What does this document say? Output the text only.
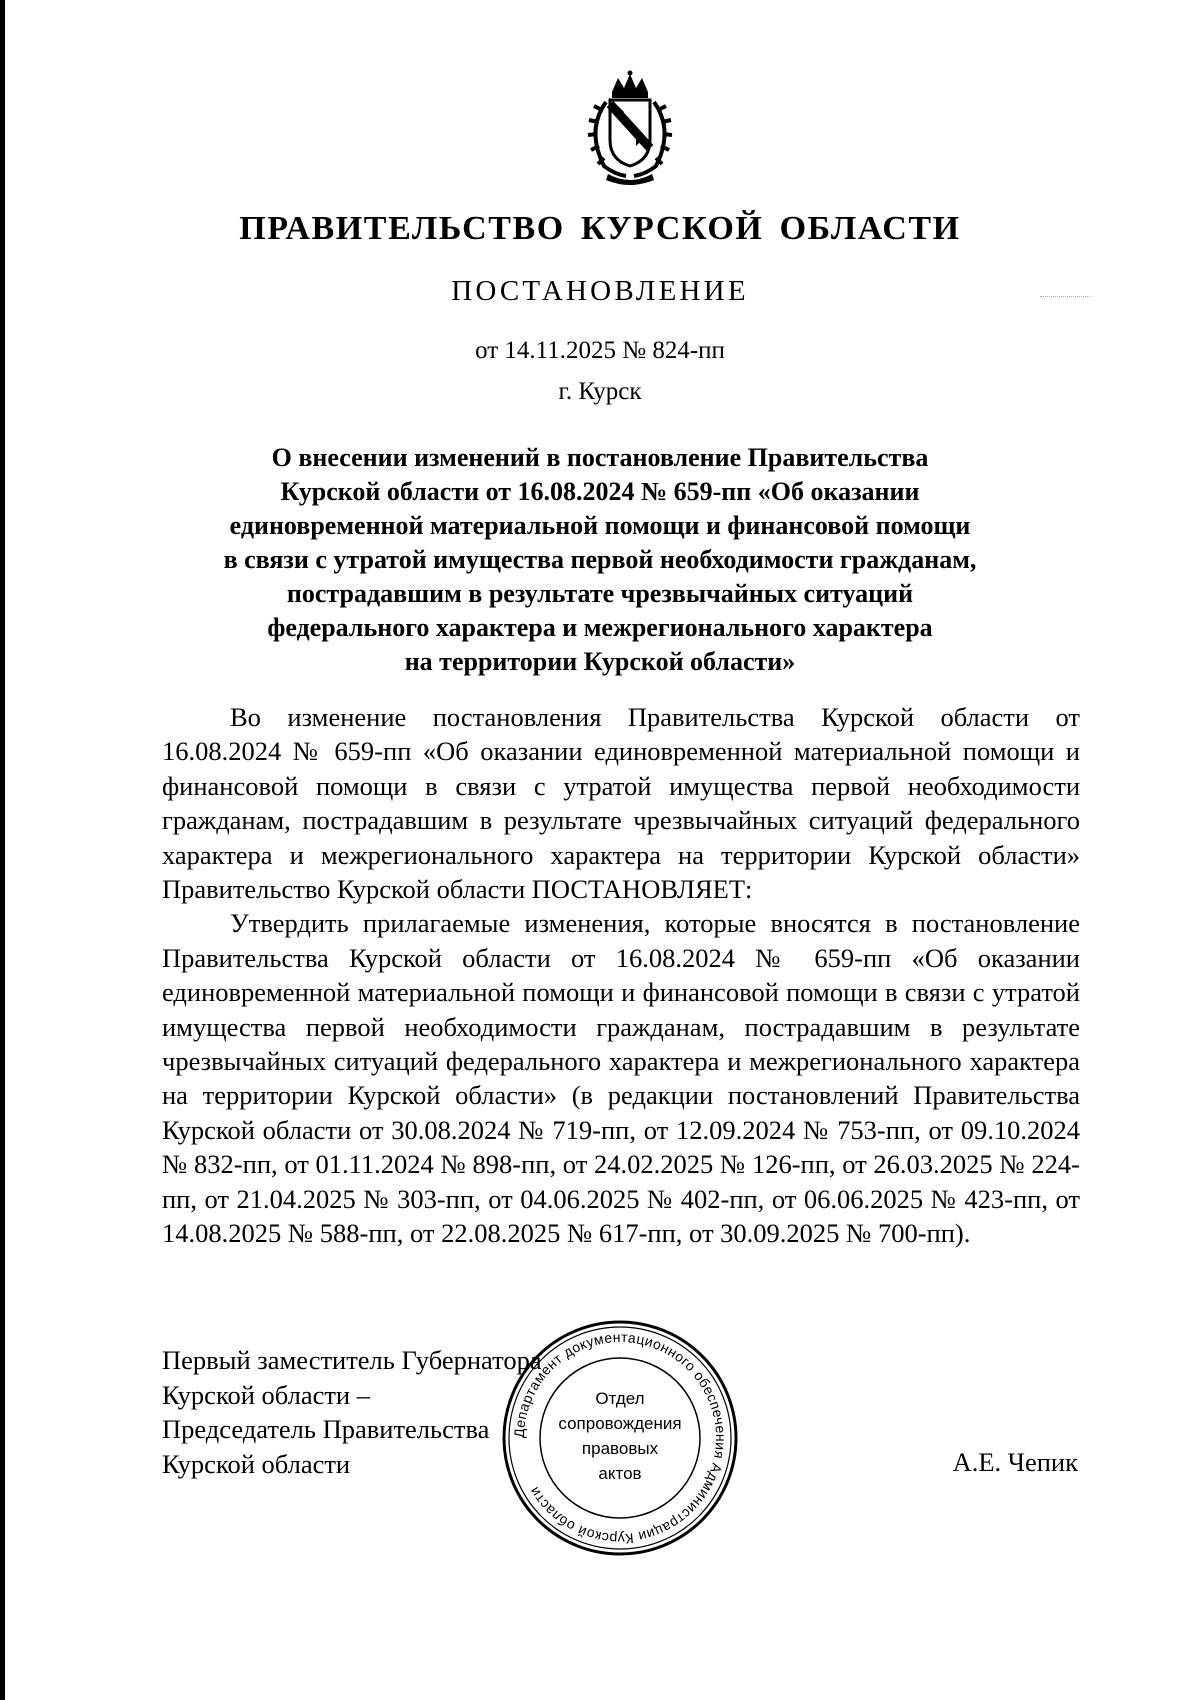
ПРАВИТЕЛЬСТВО КУРСКОЙ ОБЛАСТИ
ПОСТАНОВЛЕНИЕ
от 14.11.2025 № 824-пп
г. Курск
О внесении изменений в постановление Правительства
Курской области от 16.08.2024 № 659-пп «Об оказании
единовременной материальной помощи и финансовой помощи
в связи с утратой имущества первой необходимости гражданам,
пострадавшим в результате чрезвычайных ситуаций
федерального характера и межрегионального характера
на территории Курской области»

Во изменение постановления Правительства Курской области от 16.08.2024 № 659-пп «Об оказании единовременной материальной помощи и финансовой помощи в связи с утратой имущества первой необходимости гражданам, пострадавшим в результате чрезвычайных ситуаций федерального характера и межрегионального характера на территории Курской области» Правительство Курской области ПОСТАНОВЛЯЕТ:

Утвердить прилагаемые изменения, которые вносятся в постановление Правительства Курской области от 16.08.2024 № 659-пп «Об оказании единовременной материальной помощи и финансовой помощи в связи с утратой имущества первой необходимости гражданам, пострадавшим в результате чрезвычайных ситуаций федерального характера и межрегионального характера на территории Курской области» (в редакции постановлений Правительства Курской области от 30.08.2024 № 719-пп, от 12.09.2024 № 753-пп, от 09.10.2024 № 832-пп, от 01.11.2024 № 898-пп, от 24.02.2025 № 126-пп, от 26.03.2025 № 224-пп, от 21.04.2025 № 303-пп, от 04.06.2025 № 402-пп, от 06.06.2025 № 423-пп, от 14.08.2025 № 588-пп, от 22.08.2025 № 617-пп, от 30.09.2025 № 700-пп).

Первый заместитель Губернатора
Курской области –
Председатель Правительства
Курской области
Департамент документационного обеспечения Администрации Курской области
Отдел
сопровождения
правовых
актов	А.Е. Чепик
